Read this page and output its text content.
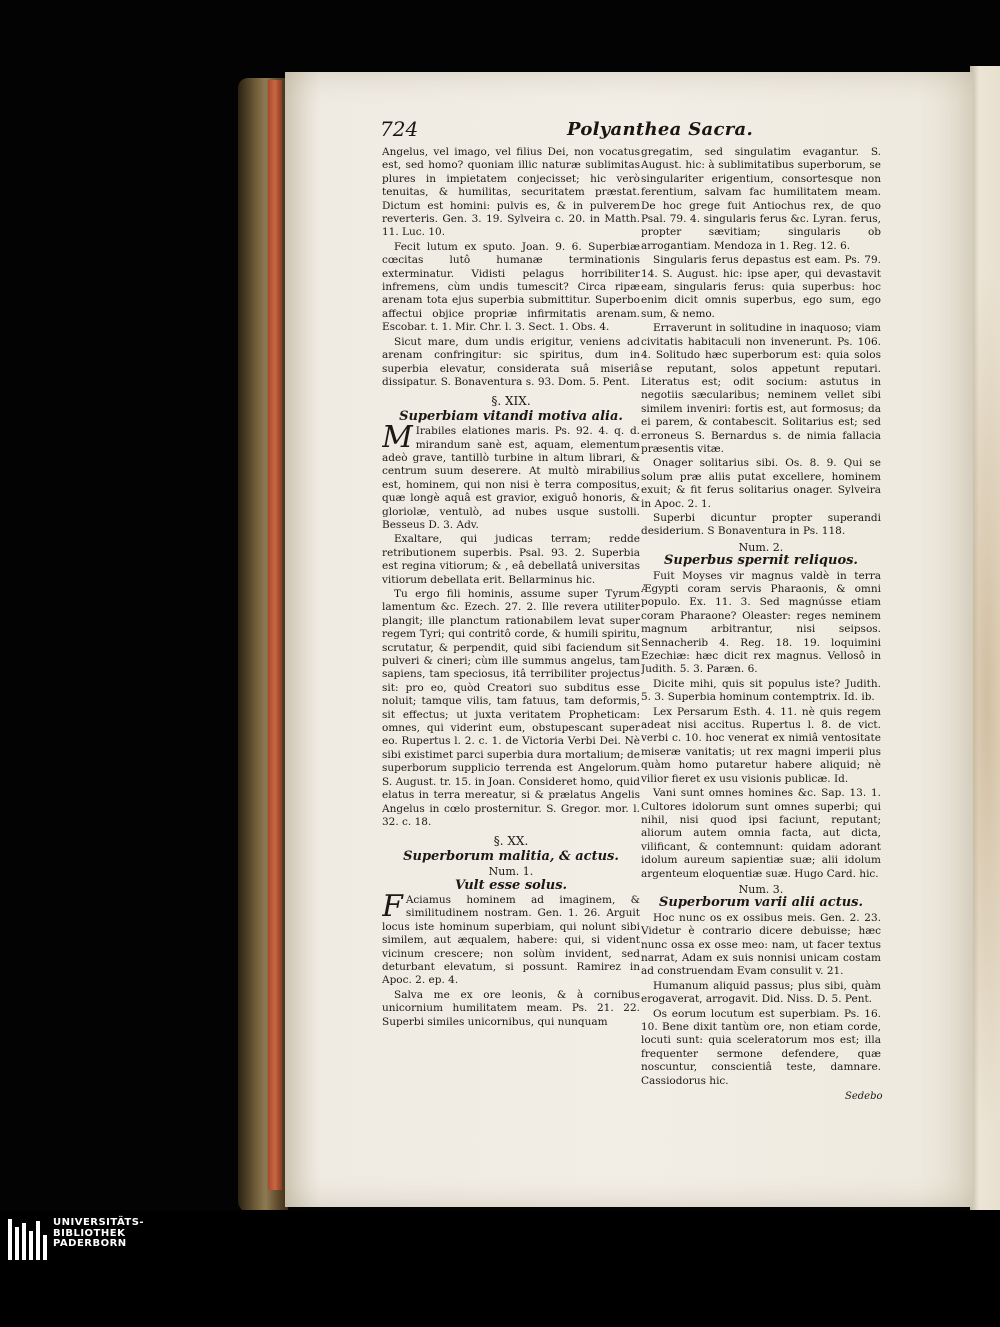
724	Polyanthea Sacra.

Angelus, vel imago, vel filius Dei, non vocatus est, sed homo? quoniam illic naturæ sublimitas plures in impietatem conjecisset; hic verò tenuitas, & humilitas, securitatem præstat. Dictum est homini: pulvis es, & in pulverem reverteris. Gen. 3. 19. Sylveira c. 20. in Matth. 11. Luc. 10.

Fecit lutum ex sputo. Joan. 9. 6. Superbiæ cœcitas lutô humanæ terminationis exterminatur. Vidisti pelagus horribiliter infremens, cùm undis tumescit? Circa ripæ arenam tota ejus superbia submittitur. Superbo affectui objice propriæ infirmitatis arenam. Escobar. t. 1. Mir. Chr. l. 3. Sect. 1. Obs. 4.

Sicut mare, dum undis erigitur, veniens ad arenam confringitur: sic spiritus, dum in superbia elevatur, considerata suâ miseriâ dissipatur. S. Bonaventura s. 93. Dom. 5. Pent.

§. XIX.

Superbiam vitandi motiva alia.

M Irabiles elationes maris. Ps. 92. 4. q. d. mirandum sanè est, aquam, elementum adeò grave, tantillò turbine in altum librari, & centrum suum deserere. At multò mirabilius est, hominem, qui non nisi è terra compositus, quæ longè aquâ est gravior, exiguô honoris, & gloriolæ, ventulò, ad nubes usque sustolli. Besseus D. 3. Adv.

Exaltare, qui judicas terram; redde retributionem superbis. Psal. 93. 2. Superbia est regina vitiorum; & , eâ debellatâ universitas vitiorum debellata erit. Bellarminus hic.

Tu ergo fili hominis, assume super Tyrum lamentum &c. Ezech. 27. 2. Ille revera utiliter plangit; ille planctum rationabilem levat super regem Tyri; qui contritô corde, & humili spiritu, scrutatur, & perpendit, quid sibi faciendum sit pulveri & cineri; cùm ille summus angelus, tam sapiens, tam speciosus, itâ terribiliter projectus sit: pro eo, quòd Creatori suo subditus esse noluit; tamque vilis, tam fatuus, tam deformis, sit effectus; ut juxta veritatem Propheticam: omnes, qui viderint eum, obstupescant super eo. Rupertus l. 2. c. 1. de Victoria Verbi Dei. Nè sibi existimet parci superbia dura mortalium; de superborum supplicio terrenda est Angelorum. S. August. tr. 15. in Joan. Consideret homo, quid elatus in terra mereatur, si & prælatus Angelis Angelus in cœlo prosternitur. S. Gregor. mor. l. 32. c. 18.

§. XX.

Superborum malitia, & actus.

Num. 1.

Vult esse solus.

F Aciamus hominem ad imaginem, & similitudinem nostram. Gen. 1. 26. Arguit locus iste hominum superbiam, qui nolunt sibi similem, aut æqualem, habere: qui, si vident vicinum crescere; non solùm invident, sed deturbant elevatum, si possunt. Ramirez in Apoc. 2. ep. 4.

Salva me ex ore leonis, & à cornibus unicornium humilitatem meam. Ps. 21. 22. Superbi similes unicornibus, qui nunquam

gregatim, sed singulatim evagantur. S. August. hic: à sublimitatibus superborum, se singulariter erigentium, consortesque non ferentium, salvam fac humilitatem meam. De hoc grege fuit Antiochus rex, de quo Psal. 79. 4. singularis ferus &c. Lyran. ferus, propter sævitiam; singularis ob arrogantiam. Mendoza in 1. Reg. 12. 6.

Singularis ferus depastus est eam. Ps. 79. 14. S. August. hic: ipse aper, qui devastavit eam, singularis ferus: quia superbus: hoc enim dicit omnis superbus, ego sum, ego sum, & nemo.

Erraverunt in solitudine in inaquoso; viam civitatis habitaculi non invenerunt. Ps. 106. 4. Solitudo hæc superborum est: quia solos se reputant, solos appetunt reputari. Literatus est; odit socium: astutus in negotiis sæcularibus; neminem vellet sibi similem inveniri: fortis est, aut formosus; da ei parem, & contabescit. Solitarius est; sed erroneus S. Bernardus s. de nimia fallacia præsentis vitæ.

Onager solitarius sibi. Os. 8. 9. Qui se solum præ aliis putat excellere, hominem exuit; & fit ferus solitarius onager. Sylveira in Apoc. 2. 1.

Superbi dicuntur propter superandi desiderium. S Bonaventura in Ps. 118.

Num. 2.

Superbus spernit reliquos.

Fuit Moyses vir magnus valdè in terra Ægypti coram servis Pharaonis, & omni populo. Ex. 11. 3. Sed magnússe etiam coram Pharaone? Oleaster: reges neminem magnum arbitrantur, nisi seipsos. Sennacherib 4. Reg. 18. 19. loquimini Ezechiæ: hæc dicit rex magnus. Vellosô in Judith. 5. 3. Paræn. 6.

Dicite mihi, quis sit populus iste? Judith. 5. 3. Superbia hominum contemptrix. Id. ib.

Lex Persarum Esth. 4. 11. nè quis regem adeat nisi accitus. Rupertus l. 8. de vict. verbi c. 10. hoc venerat ex nimiâ ventositate miseræ vanitatis; ut rex magni imperii plus quàm homo putaretur habere aliquid; nè vilior fieret ex usu visionis publicæ. Id.

Vani sunt omnes homines &c. Sap. 13. 1. Cultores idolorum sunt omnes superbi; qui nihil, nisi quod ipsi faciunt, reputant; aliorum autem omnia facta, aut dicta, vilificant, & contemnunt: quidam adorant idolum aureum sapientiæ suæ; alii idolum argenteum eloquentiæ suæ. Hugo Card. hic.

Num. 3.

Superborum varii alii actus.

Hoc nunc os ex ossibus meis. Gen. 2. 23. Videtur è contrario dicere debuisse; hæc nunc ossa ex osse meo: nam, ut facer textus narrat, Adam ex suis nonnisi unicam costam ad construendam Evam consulit v. 21.

Humanum aliquid passus; plus sibi, quàm erogaverat, arrogavit. Did. Niss. D. 5. Pent.

Os eorum locutum est superbiam. Ps. 16. 10. Bene dixit tantùm ore, non etiam corde, locuti sunt: quia sceleratorum mos est; illa frequenter sermone defendere, quæ noscuntur, conscientiâ teste, damnare. Cassiodorus hic.

Sedebo
UNIVERSITÄTS-
BIBLIOTHEK
PADERBORN
